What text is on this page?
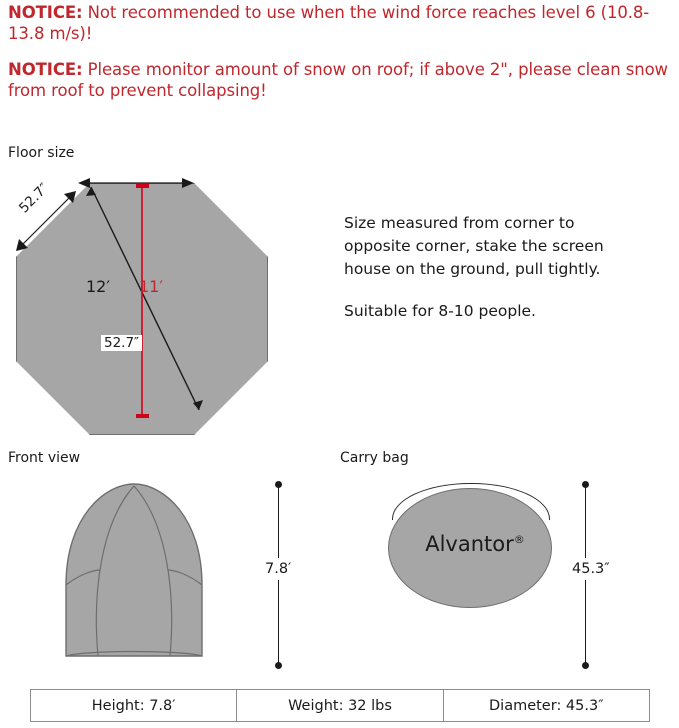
NOTICE: Not recommended to use when the wind force reaches level 6 (10.8-13.8 m/s)!
NOTICE: Please monitor amount of snow on roof; if above 2", please clean snow from roof to prevent collapsing!
Floor size
Front view	Carry bag
52.7″
52.7″
12′ 11′

Size measured from corner to opposite corner, stake the screen house on the ground, pull tightly.

Suitable for 8-10 people.

7.8′
Alvantor®
45.3″
Height: 7.8′	Weight: 32 lbs	Diameter: 45.3″
